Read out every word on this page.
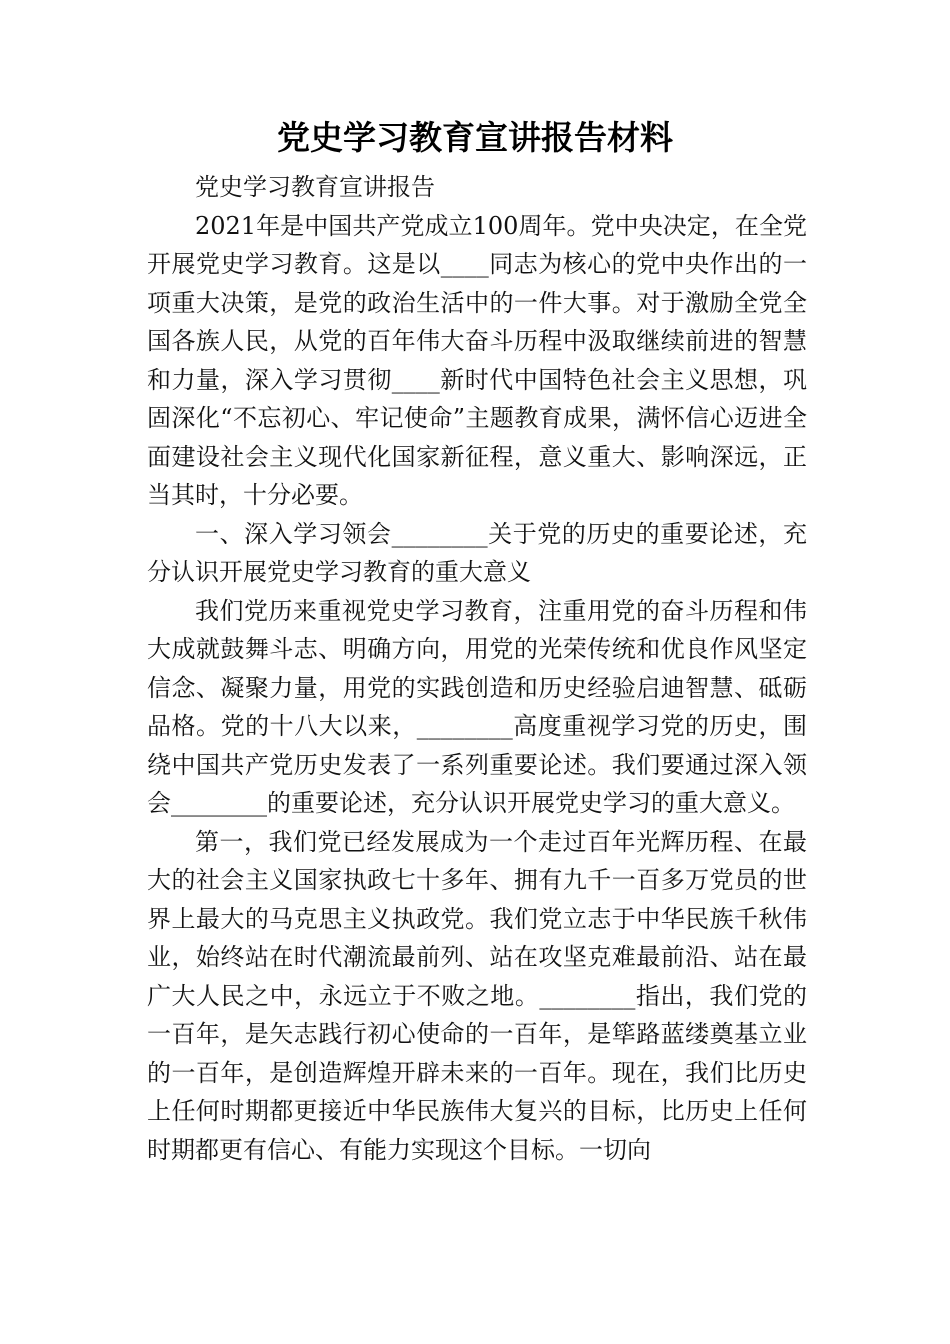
党史学习教育宣讲报告材料

党史学习教育宣讲报告

2021年是中国共产党成立100周年。党中央决定，在全党开展党史学习教育。这是以____同志为核心的党中央作出的一项重大决策，是党的政治生活中的一件大事。对于激励全党全国各族人民，从党的百年伟大奋斗历程中汲取继续前进的智慧和力量，深入学习贯彻____新时代中国特色社会主义思想，巩固深化“不忘初心、牢记使命”主题教育成果，满怀信心迈进全面建设社会主义现代化国家新征程，意义重大、影响深远，正当其时，十分必要。

一、深入学习领会________关于党的历史的重要论述，充分认识开展党史学习教育的重大意义

我们党历来重视党史学习教育，注重用党的奋斗历程和伟大成就鼓舞斗志、明确方向，用党的光荣传统和优良作风坚定信念、凝聚力量，用党的实践创造和历史经验启迪智慧、砥砺品格。党的十八大以来，________高度重视学习党的历史，围绕中国共产党历史发表了一系列重要论述。我们要通过深入领会________的重要论述，充分认识开展党史学习的重大意义。

第一，我们党已经发展成为一个走过百年光辉历程、在最大的社会主义国家执政七十多年、拥有九千一百多万党员的世界上最大的马克思主义执政党。我们党立志于中华民族千秋伟业，始终站在时代潮流最前列、站在攻坚克难最前沿、站在最广大人民之中，永远立于不败之地。________指出，我们党的一百年，是矢志践行初心使命的一百年，是筚路蓝缕奠基立业的一百年，是创造辉煌开辟未来的一百年。现在，我们比历史上任何时期都更接近中华民族伟大复兴的目标，比历史上任何时期都更有信心、有能力实现这个目标。一切向
